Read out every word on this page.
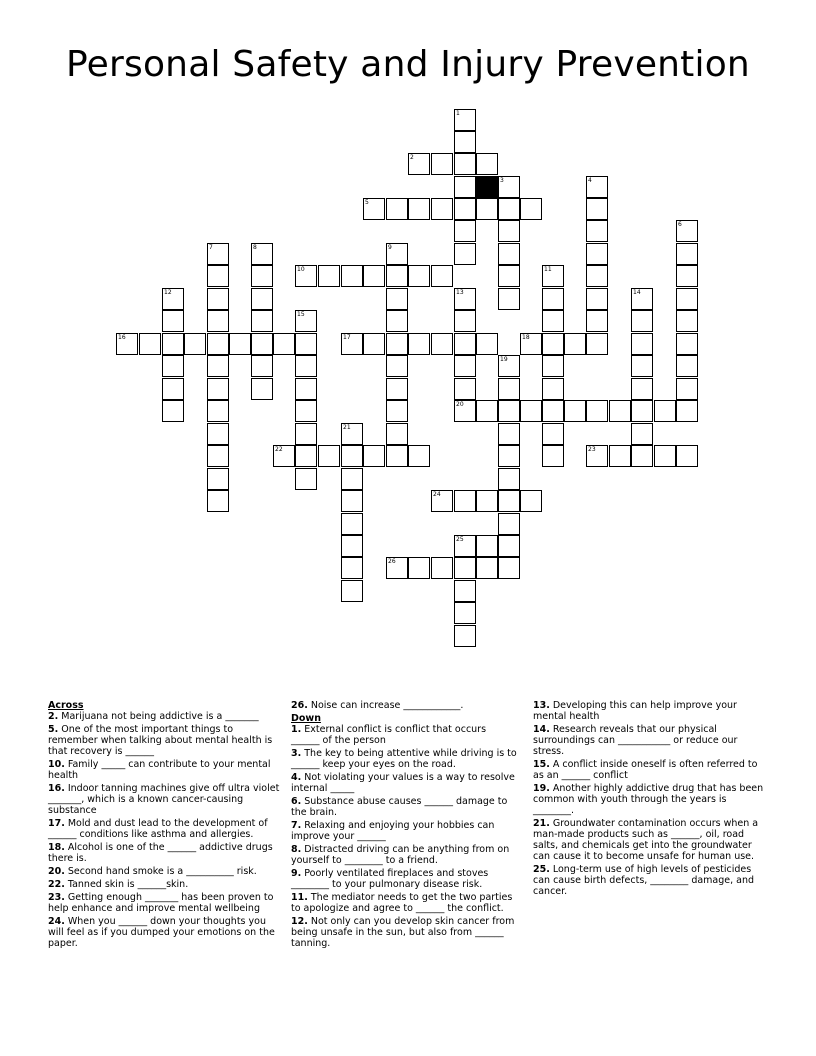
Personal Safety and Injury Prevention
1
2
3	4
5
6
7	8	9
10	11
12	13	14
15
16	17	18
19
20
21
22	23
24
25
26
Across
2. Marijuana not being addictive is a _______
5. One of the most important things to remember when talking about mental health is that recovery is ______
10. Family _____ can contribute to your mental health
16. Indoor tanning machines give off ultra violet _______, which is a known cancer-causing substance
17. Mold and dust lead to the development of ______ conditions like asthma and allergies.
18. Alcohol is one of the ______ addictive drugs there is.
20. Second hand smoke is a __________ risk.
22. Tanned skin is ______skin.
23. Getting enough _______ has been proven to help enhance and improve mental wellbeing
24. When you ______ down your thoughts you will feel as if you dumped your emotions on the paper.
26. Noise can increase ____________.
Down
1. External conflict is conflict that occurs ______ of the person
3. The key to being attentive while driving is to ______ keep your eyes on the road.
4. Not violating your values is a way to resolve internal _____
6. Substance abuse causes ______ damage to the brain.
7. Relaxing and enjoying your hobbies can improve your ______
8. Distracted driving can be anything from on yourself to ________ to a friend.
9. Poorly ventilated fireplaces and stoves ________ to your pulmonary disease risk.
11. The mediator needs to get the two parties to apologize and agree to ______ the conflict.
12. Not only can you develop skin cancer from being unsafe in the sun, but also from ______ tanning.
13. Developing this can help improve your mental health
14. Research reveals that our physical surroundings can ___________ or reduce our stress.
15. A conflict inside oneself is often referred to as an ______ conflict
19. Another highly addictive drug that has been common with youth through the years is ________.
21. Groundwater contamination occurs when a man-made products such as ______, oil, road salts, and chemicals get into the groundwater can cause it to become unsafe for human use.
25. Long-term use of high levels of pesticides can cause birth defects, ________ damage, and cancer.
